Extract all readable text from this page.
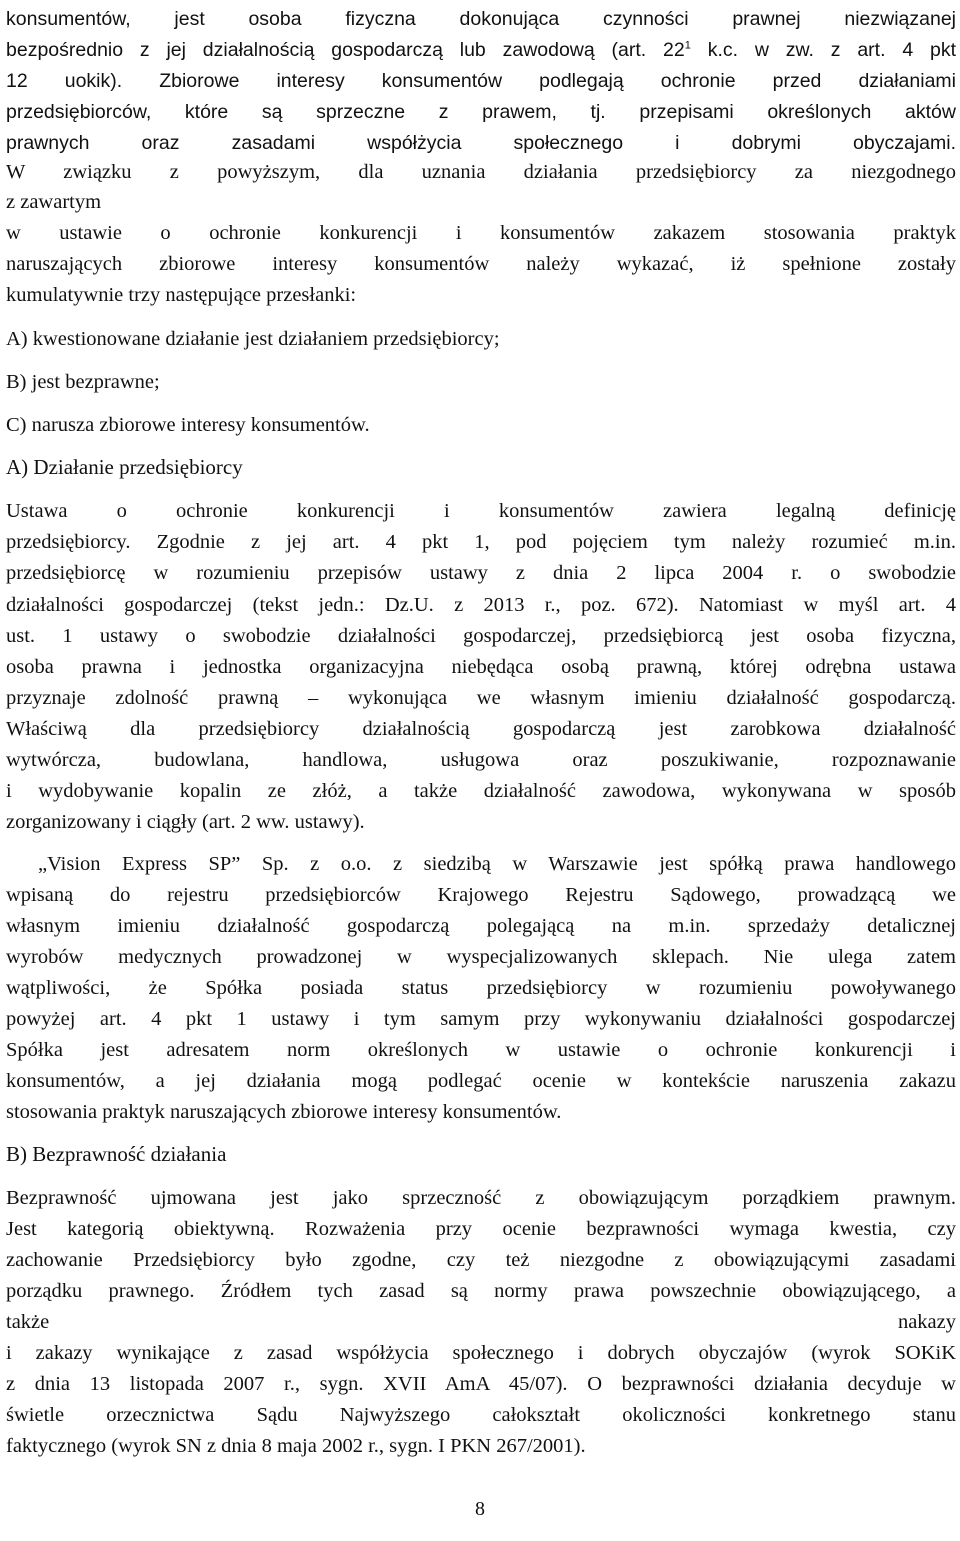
konsumentów, jest osoba fizyczna dokonująca czynności prawnej niezwiązanej
bezpośrednio z jej działalnością gospodarczą lub zawodową (art. $22^1$ k.c. w zw. z art. 4 pkt
12 uokik). Zbiorowe interesy konsumentów podlegają ochronie przed działaniami
przedsiębiorców, które są sprzeczne z prawem, tj. przepisami określonych aktów
prawnych oraz zasadami współżycia społecznego i dobrymi obyczajami.
W związku z powyższym, dla uznania działania przedsiębiorcy za niezgodnego
z zawartym
w ustawie o ochronie konkurencji i konsumentów zakazem stosowania praktyk
naruszających zbiorowe interesy konsumentów należy wykazać, iż spełnione zostały
kumulatywnie trzy następujące przesłanki:
A) kwestionowane działanie jest działaniem przedsiębiorcy;
B) jest bezprawne;
C) narusza zbiorowe interesy konsumentów.
A) Działanie przedsiębiorcy
Ustawa o ochronie konkurencji i konsumentów zawiera legalną definicję
przedsiębiorcy. Zgodnie z jej art. 4 pkt 1, pod pojęciem tym należy rozumieć m.in.
przedsiębiorcę w rozumieniu przepisów ustawy z dnia 2 lipca 2004 r. o swobodzie
działalności gospodarczej (tekst jedn.: Dz.U. z 2013 r., poz. 672). Natomiast w myśl art. 4
ust. 1 ustawy o swobodzie działalności gospodarczej, przedsiębiorcą jest osoba fizyczna,
osoba prawna i jednostka organizacyjna niebędąca osobą prawną, której odrębna ustawa
przyznaje zdolność prawną – wykonująca we własnym imieniu działalność gospodarczą.
Właściwą dla przedsiębiorcy działalnością gospodarczą jest zarobkowa działalność
wytwórcza, budowlana, handlowa, usługowa oraz poszukiwanie, rozpoznawanie
i wydobywanie kopalin ze złóż, a także działalność zawodowa, wykonywana w sposób
zorganizowany i ciągły (art. 2 ww. ustawy).
„Vision Express SP” Sp. z o.o. z siedzibą w Warszawie jest spółką prawa handlowego
wpisaną do rejestru przedsiębiorców Krajowego Rejestru Sądowego, prowadzącą we
własnym imieniu działalność gospodarczą polegającą na m.in. sprzedaży detalicznej
wyrobów medycznych prowadzonej w wyspecjalizowanych sklepach. Nie ulega zatem
wątpliwości, że Spółka posiada status przedsiębiorcy w rozumieniu powoływanego
powyżej art. 4 pkt 1 ustawy i tym samym przy wykonywaniu działalności gospodarczej
Spółka jest adresatem norm określonych w ustawie o ochronie konkurencji i
konsumentów, a jej działania mogą podlegać ocenie w kontekście naruszenia zakazu
stosowania praktyk naruszających zbiorowe interesy konsumentów.
B) Bezprawność działania
Bezprawność ujmowana jest jako sprzeczność z obowiązującym porządkiem prawnym.
Jest kategorią obiektywną. Rozważenia przy ocenie bezprawności wymaga kwestia, czy
zachowanie Przedsiębiorcy było zgodne, czy też niezgodne z obowiązującymi zasadami
porządku prawnego. Źródłem tych zasad są normy prawa powszechnie obowiązującego, a
także nakazy
i zakazy wynikające z zasad współżycia społecznego i dobrych obyczajów (wyrok SOKiK
z dnia 13 listopada 2007 r., sygn. XVII AmA 45/07). O bezprawności działania decyduje w
świetle orzecznictwa Sądu Najwyższego całokształt okoliczności konkretnego stanu
faktycznego (wyrok SN z dnia 8 maja 2002 r., sygn. I PKN 267/2001).
8
